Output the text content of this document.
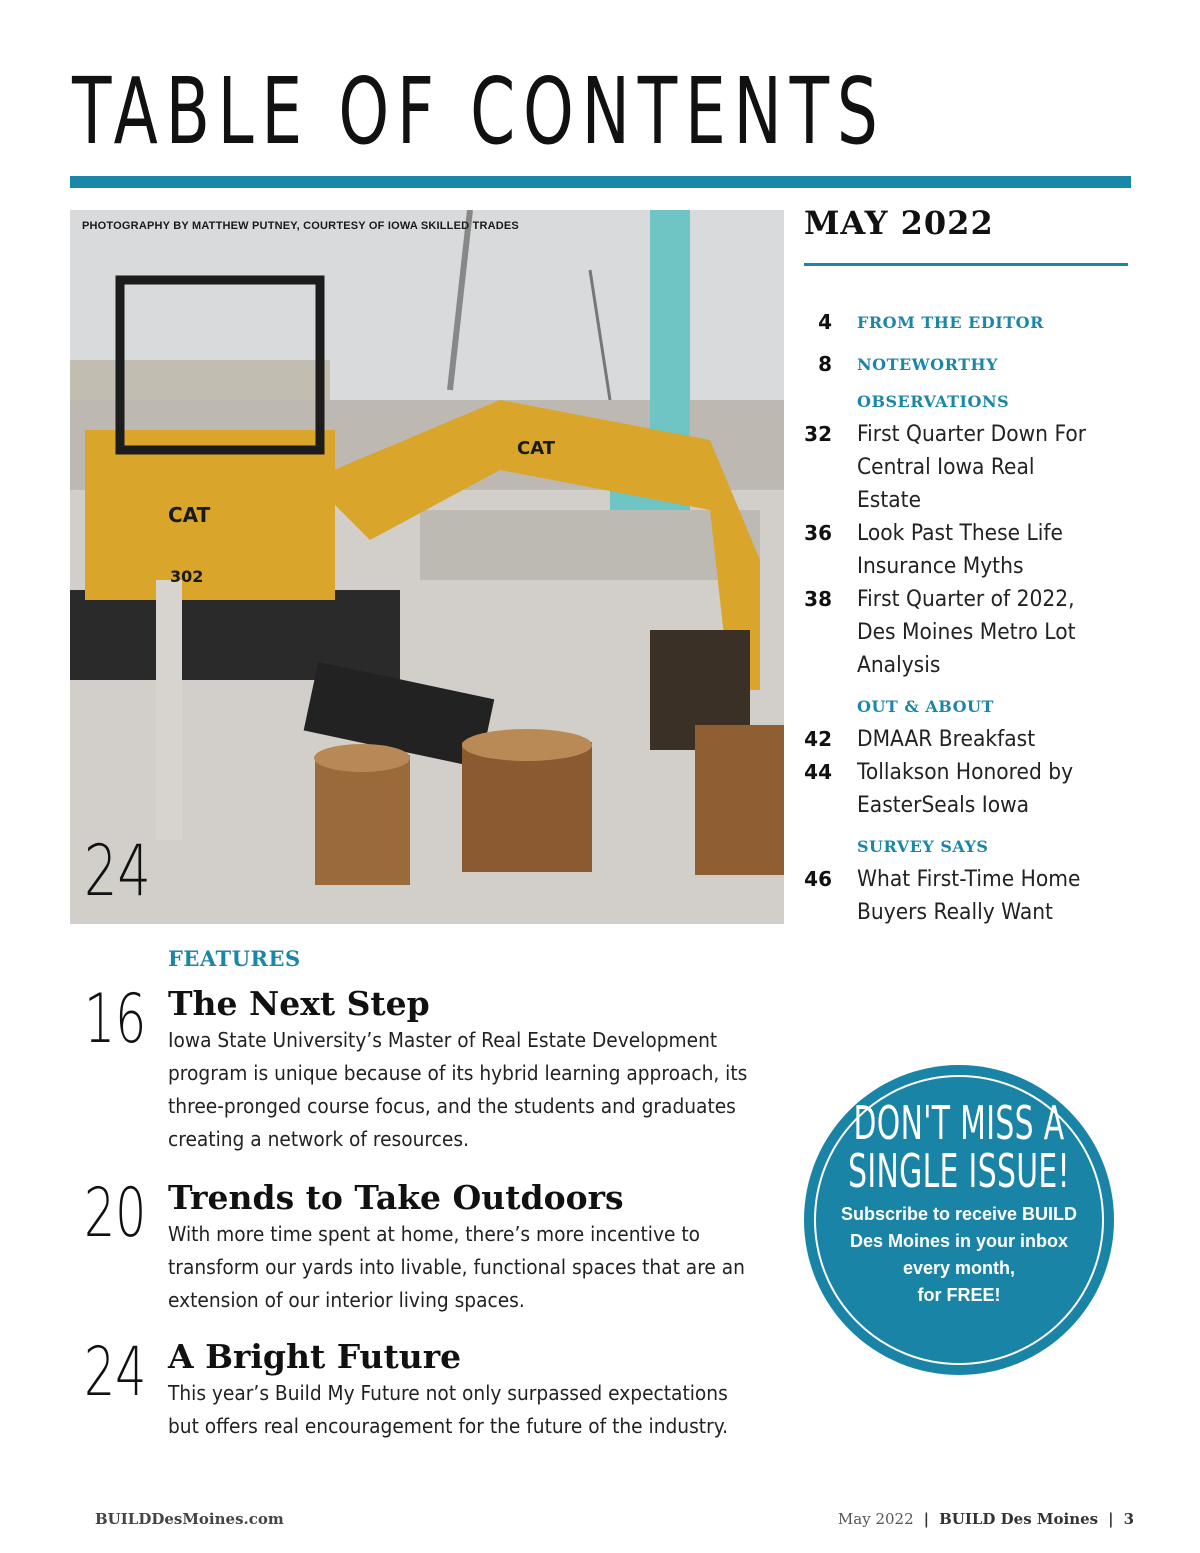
TABLE OF CONTENTS
CAT
CAT
302
PHOTOGRAPHY BY MATTHEW PUTNEY, COURTESY OF IOWA SKILLED TRADES
24
MAY 2022
4 FROM THE EDITOR
8 NOTEWORTHY
OBSERVATIONS
32 First Quarter Down For Central Iowa Real Estate
36 Look Past These Life Insurance Myths
38 First Quarter of 2022, Des Moines Metro Lot Analysis
OUT & ABOUT
42 DMAAR Breakfast
44 Tollakson Honored by EasterSeals Iowa
SURVEY SAYS
46 What First-Time Home Buyers Really Want
FEATURES
16 The Next Step
Iowa State University’s Master of Real Estate Development program is unique because of its hybrid learning approach, its three-pronged course focus, and the students and graduates creating a network of resources.
20 Trends to Take Outdoors
With more time spent at home, there’s more incentive to transform our yards into livable, functional spaces that are an extension of our interior living spaces.
24 A Bright Future
This year’s Build My Future not only surpassed expectations but offers real encouragement for the future of the industry.
DON'T MISS A
SINGLE ISSUE!
Subscribe to receive BUILD
Des Moines in your inbox
every month,
for FREE!
BUILDDesMoines.com	May 2022 | BUILD Des Moines | 3
